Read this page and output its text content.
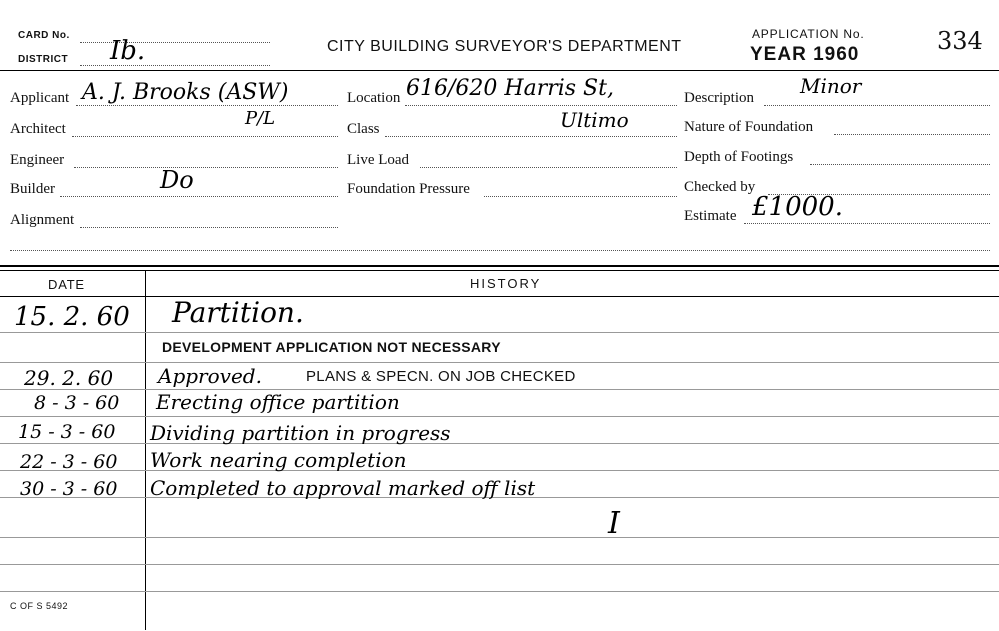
CARD No.
DISTRICT Ib.	CITY BUILDING SURVEYOR'S DEPARTMENT
APPLICATION No.
YEAR 1960	334
Applicant A. J. Brooks (ASW)
Architect	P/L
Engineer
Builder	Do
Alignment
Location 616/620 Harris St,
Class	Ultimo
Live Load
Foundation Pressure
Description Minor
Nature of Foundation
Depth of Footings
Checked by
Estimate £1000.
DATE	HISTORY
15. 2. 60 Partition.
DEVELOPMENT APPLICATION NOT NECESSARY
29. 2. 60 Approved.	PLANS & SPECN. ON JOB CHECKED
8 - 3 - 60 Erecting office partition
15 - 3 - 60 Dividing partition in progress
22 - 3 - 60 Work nearing completion
30 - 3 - 60 Completed to approval marked off list
I
C OF S 5492
